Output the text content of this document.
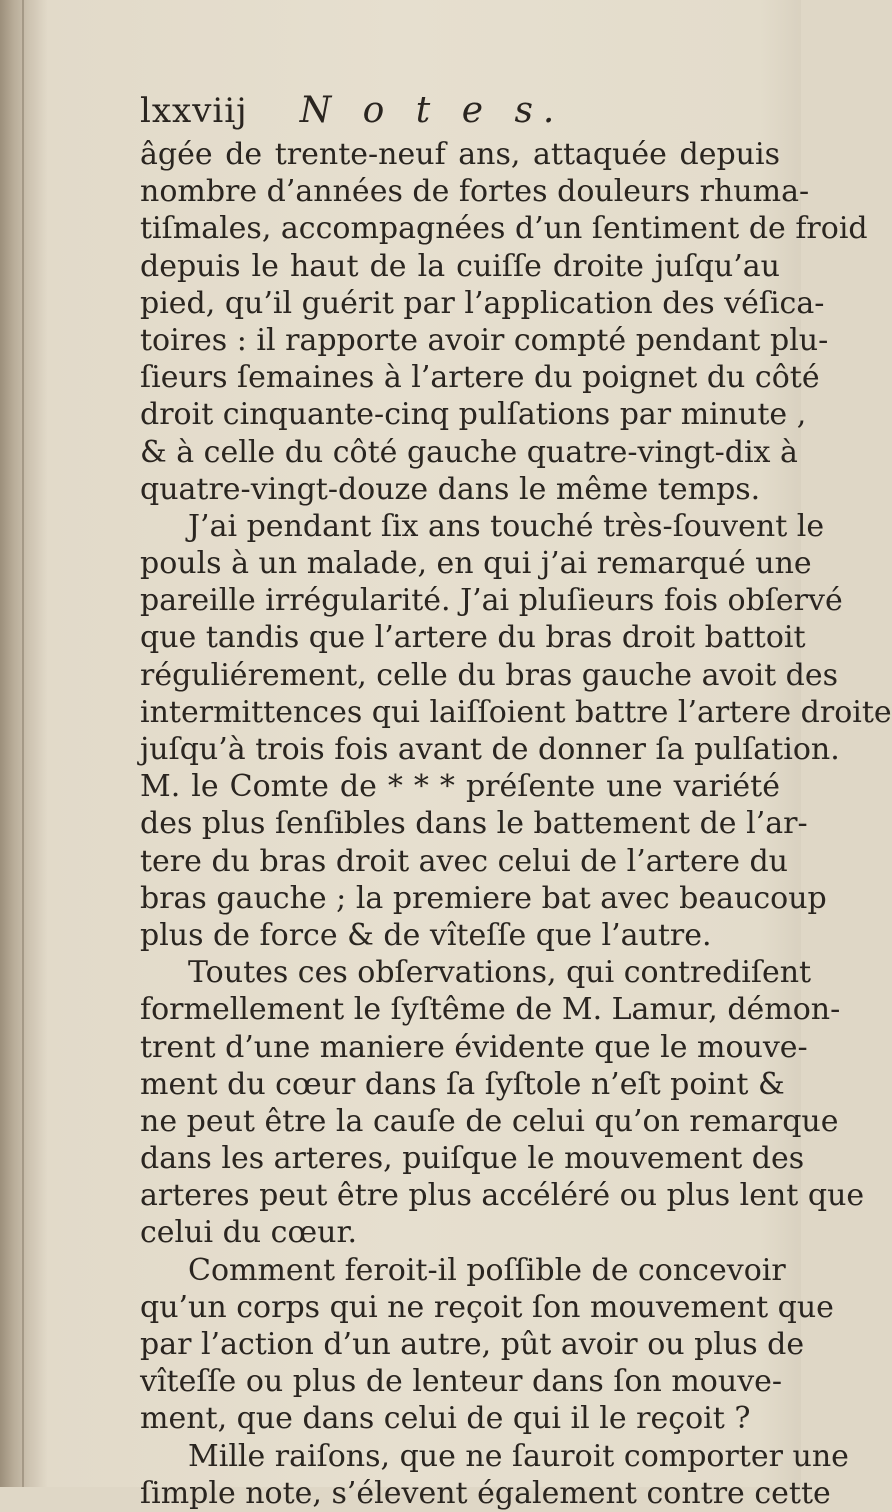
lxxviij N o t e s.
âgée de trente-neuf ans, attaquée depuis
nombre d’années de fortes douleurs rhuma-
tiſmales, accompagnées d’un ſentiment de froid
depuis le haut de la cuiſſe droite juſqu’au
pied, qu’il guérit par l’application des véſica-
toires : il rapporte avoir compté pendant plu-
ſieurs ſemaines à l’artere du poignet du côté
droit cinquante-cinq pulſations par minute ,
& à celle du côté gauche quatre-vingt-dix à
quatre-vingt-douze dans le même temps.
J’ai pendant ſix ans touché très-ſouvent le
pouls à un malade, en qui j’ai remarqué une
pareille irrégularité. J’ai pluſieurs fois obſervé
que tandis que l’artere du bras droit battoit
réguliérement, celle du bras gauche avoit des
intermittences qui laiſſoient battre l’artere droite
juſqu’à trois fois avant de donner ſa pulſation.
M. le Comte de * * * préſente une variété
des plus ſenſibles dans le battement de l’ar-
tere du bras droit avec celui de l’artere du
bras gauche ; la premiere bat avec beaucoup
plus de force & de vîteſſe que l’autre.
Toutes ces obſervations, qui contrediſent
formellement le ſyſtême de M. Lamur, démon-
trent d’une maniere évidente que le mouve-
ment du cœur dans ſa ſyſtole n’eſt point &
ne peut être la cauſe de celui qu’on remarque
dans les arteres, puiſque le mouvement des
arteres peut être plus accéléré ou plus lent que
celui du cœur.
Comment feroit-il poſſible de concevoir
qu’un corps qui ne reçoit ſon mouvement que
par l’action d’un autre, pût avoir ou plus de
vîteſſe ou plus de lenteur dans ſon mouve-
ment, que dans celui de qui il le reçoit ?
Mille raiſons, que ne ſauroit comporter une
ſimple note, s’élevent également contre cette
